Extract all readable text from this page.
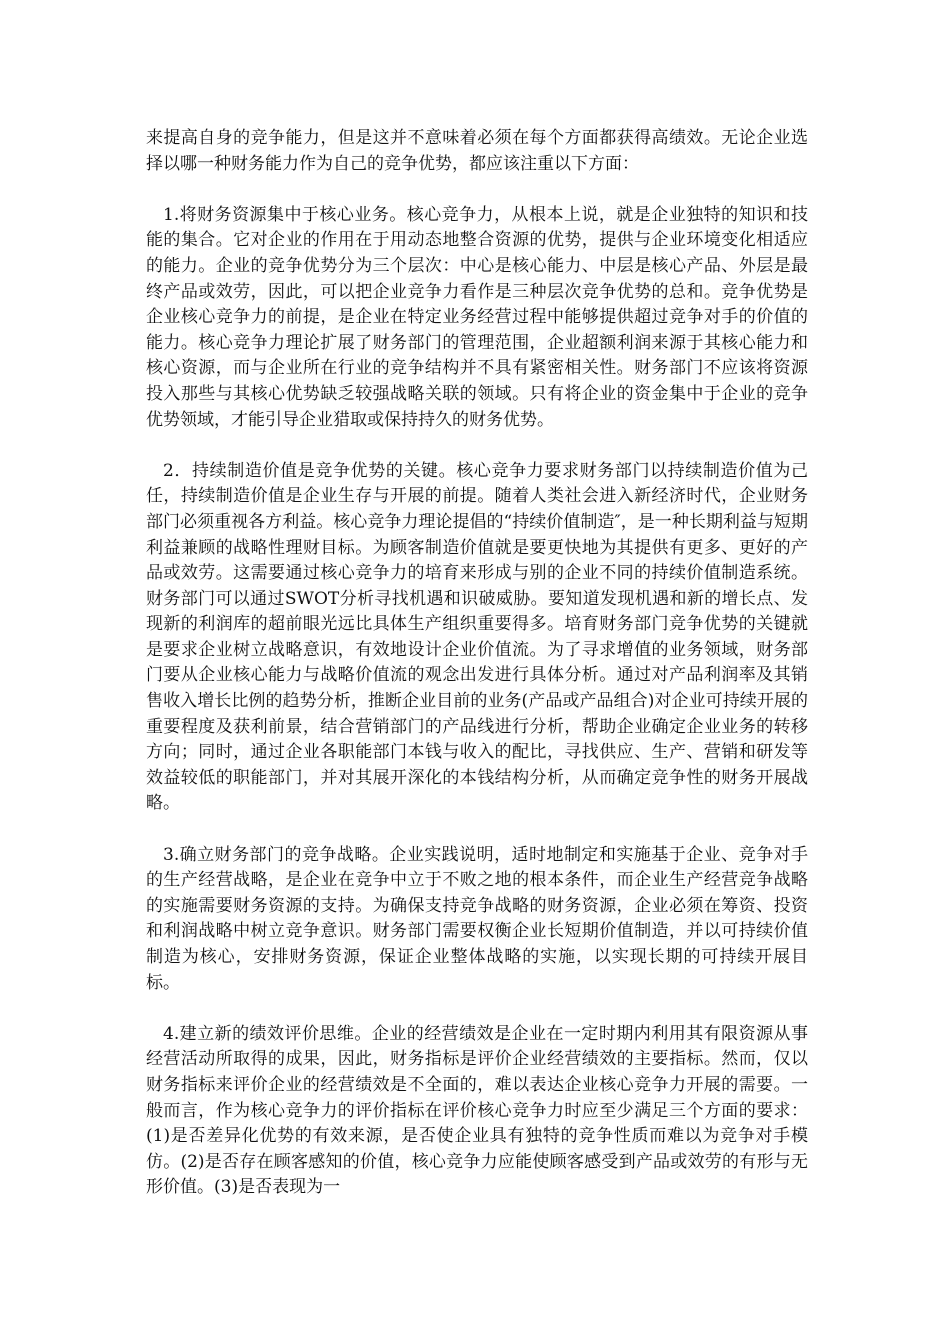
来提高自身的竞争能力，但是这并不意味着必须在每个方面都获得高绩效。无论企业选择以哪一种财务能力作为自己的竞争优势，都应该注重以下方面：

1.将财务资源集中于核心业务。核心竞争力，从根本上说，就是企业独特的知识和技能的集合。它对企业的作用在于用动态地整合资源的优势，提供与企业环境变化相适应的能力。企业的竞争优势分为三个层次：中心是核心能力、中层是核心产品、外层是最终产品或效劳，因此，可以把企业竞争力看作是三种层次竞争优势的总和。竞争优势是企业核心竞争力的前提，是企业在特定业务经营过程中能够提供超过竞争对手的价值的能力。核心竞争力理论扩展了财务部门的管理范围，企业超额利润来源于其核心能力和核心资源，而与企业所在行业的竞争结构并不具有紧密相关性。财务部门不应该将资源投入那些与其核心优势缺乏较强战略关联的领域。只有将企业的资金集中于企业的竞争优势领域，才能引导企业猎取或保持持久的财务优势。

2．持续制造价值是竞争优势的关键。核心竞争力要求财务部门以持续制造价值为己任，持续制造价值是企业生存与开展的前提。随着人类社会进入新经济时代，企业财务部门必须重视各方利益。核心竞争力理论提倡的“持续价值制造″，是一种长期利益与短期利益兼顾的战略性理财目标。为顾客制造价值就是要更快地为其提供有更多、更好的产品或效劳。这需要通过核心竞争力的培育来形成与别的企业不同的持续价值制造系统。财务部门可以通过SWOT分析寻找机遇和识破威胁。要知道发现机遇和新的增长点、发现新的利润库的超前眼光远比具体生产组织重要得多。培育财务部门竞争优势的关键就是要求企业树立战略意识，有效地设计企业价值流。为了寻求增值的业务领域，财务部门要从企业核心能力与战略价值流的观念出发进行具体分析。通过对产品利润率及其销售收入增长比例的趋势分析，推断企业目前的业务(产品或产品组合)对企业可持续开展的重要程度及获利前景，结合营销部门的产品线进行分析，帮助企业确定企业业务的转移方向；同时，通过企业各职能部门本钱与收入的配比，寻找供应、生产、营销和研发等效益较低的职能部门，并对其展开深化的本钱结构分析，从而确定竞争性的财务开展战略。

3.确立财务部门的竞争战略。企业实践说明，适时地制定和实施基于企业、竞争对手的生产经营战略，是企业在竞争中立于不败之地的根本条件，而企业生产经营竞争战略的实施需要财务资源的支持。为确保支持竞争战略的财务资源，企业必须在筹资、投资和利润战略中树立竞争意识。财务部门需要权衡企业长短期价值制造，并以可持续价值制造为核心，安排财务资源，保证企业整体战略的实施，以实现长期的可持续开展目标。

4.建立新的绩效评价思维。企业的经营绩效是企业在一定时期内利用其有限资源从事经营活动所取得的成果，因此，财务指标是评价企业经营绩效的主要指标。然而，仅以财务指标来评价企业的经营绩效是不全面的，难以表达企业核心竞争力开展的需要。一般而言，作为核心竞争力的评价指标在评价核心竞争力时应至少满足三个方面的要求：(1)是否差异化优势的有效来源，是否使企业具有独特的竞争性质而难以为竞争对手模仿。(2)是否存在顾客感知的价值，核心竞争力应能使顾客感受到产品或效劳的有形与无形价值。(3)是否表现为一
